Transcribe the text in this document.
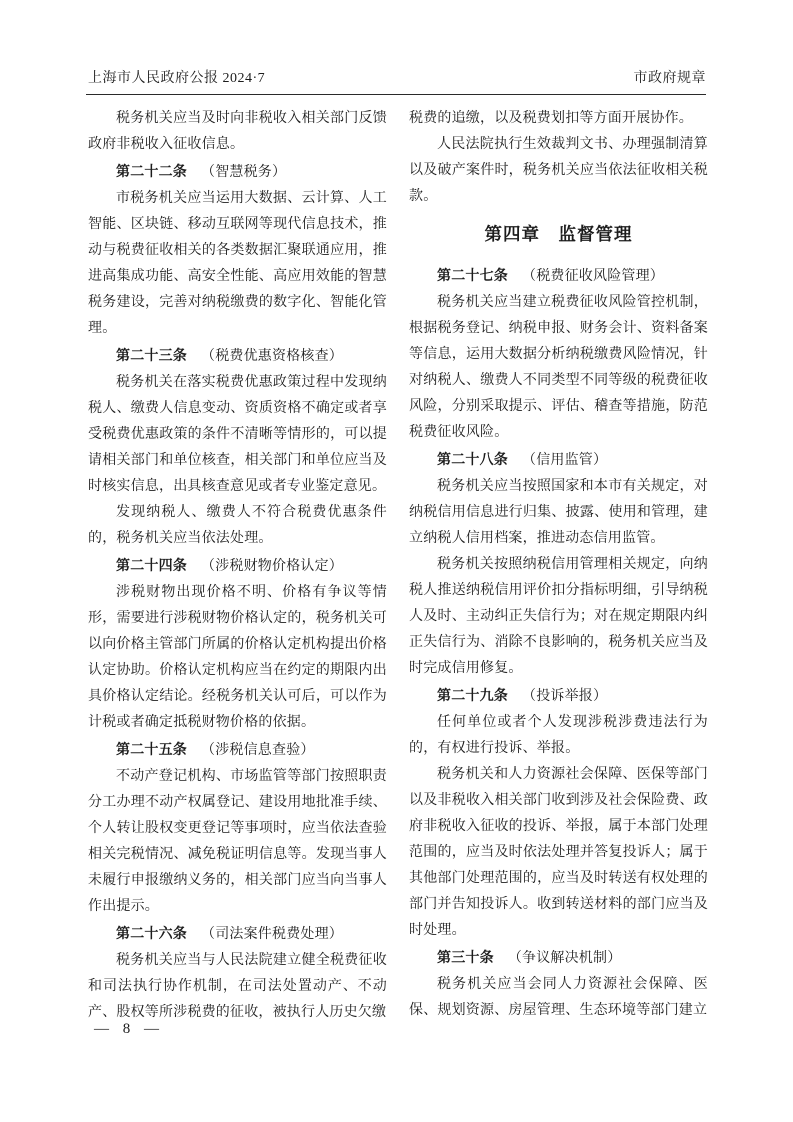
上海市人民政府公报 2024·7	市政府规章

税务机关应当及时向非税收入相关部门反馈政府非税收入征收信息。

第二十二条 （智慧税务）

市税务机关应当运用大数据、云计算、人工智能、区块链、移动互联网等现代信息技术，推动与税费征收相关的各类数据汇聚联通应用，推进高集成功能、高安全性能、高应用效能的智慧税务建设，完善对纳税缴费的数字化、智能化管理。

第二十三条 （税费优惠资格核查）

税务机关在落实税费优惠政策过程中发现纳税人、缴费人信息变动、资质资格不确定或者享受税费优惠政策的条件不清晰等情形的，可以提请相关部门和单位核查，相关部门和单位应当及时核实信息，出具核查意见或者专业鉴定意见。

发现纳税人、缴费人不符合税费优惠条件的，税务机关应当依法处理。

第二十四条 （涉税财物价格认定）

涉税财物出现价格不明、价格有争议等情形，需要进行涉税财物价格认定的，税务机关可以向价格主管部门所属的价格认定机构提出价格认定协助。价格认定机构应当在约定的期限内出具价格认定结论。经税务机关认可后，可以作为计税或者确定抵税财物价格的依据。

第二十五条 （涉税信息查验）

不动产登记机构、市场监管等部门按照职责分工办理不动产权属登记、建设用地批准手续、个人转让股权变更登记等事项时，应当依法查验相关完税情况、减免税证明信息等。发现当事人未履行申报缴纳义务的，相关部门应当向当事人作出提示。

第二十六条 （司法案件税费处理）

税务机关应当与人民法院建立健全税费征收和司法执行协作机制，在司法处置动产、不动产、股权等所涉税费的征收，被执行人历史欠缴

税费的追缴，以及税费划扣等方面开展协作。

人民法院执行生效裁判文书、办理强制清算以及破产案件时，税务机关应当依法征收相关税款。

第四章　监督管理

第二十七条 （税费征收风险管理）

税务机关应当建立税费征收风险管控机制，根据税务登记、纳税申报、财务会计、资料备案等信息，运用大数据分析纳税缴费风险情况，针对纳税人、缴费人不同类型不同等级的税费征收风险，分别采取提示、评估、稽查等措施，防范税费征收风险。

第二十八条 （信用监管）

税务机关应当按照国家和本市有关规定，对纳税信用信息进行归集、披露、使用和管理，建立纳税人信用档案，推进动态信用监管。

税务机关按照纳税信用管理相关规定，向纳税人推送纳税信用评价扣分指标明细，引导纳税人及时、主动纠正失信行为；对在规定期限内纠正失信行为、消除不良影响的，税务机关应当及时完成信用修复。

第二十九条 （投诉举报）

任何单位或者个人发现涉税涉费违法行为的，有权进行投诉、举报。

税务机关和人力资源社会保障、医保等部门以及非税收入相关部门收到涉及社会保险费、政府非税收入征收的投诉、举报，属于本部门处理范围的，应当及时依法处理并答复投诉人；属于其他部门处理范围的，应当及时转送有权处理的部门并告知投诉人。收到转送材料的部门应当及时处理。

第三十条 （争议解决机制）

税务机关应当会同人力资源社会保障、医保、规划资源、房屋管理、生态环境等部门建立

— 8 —
